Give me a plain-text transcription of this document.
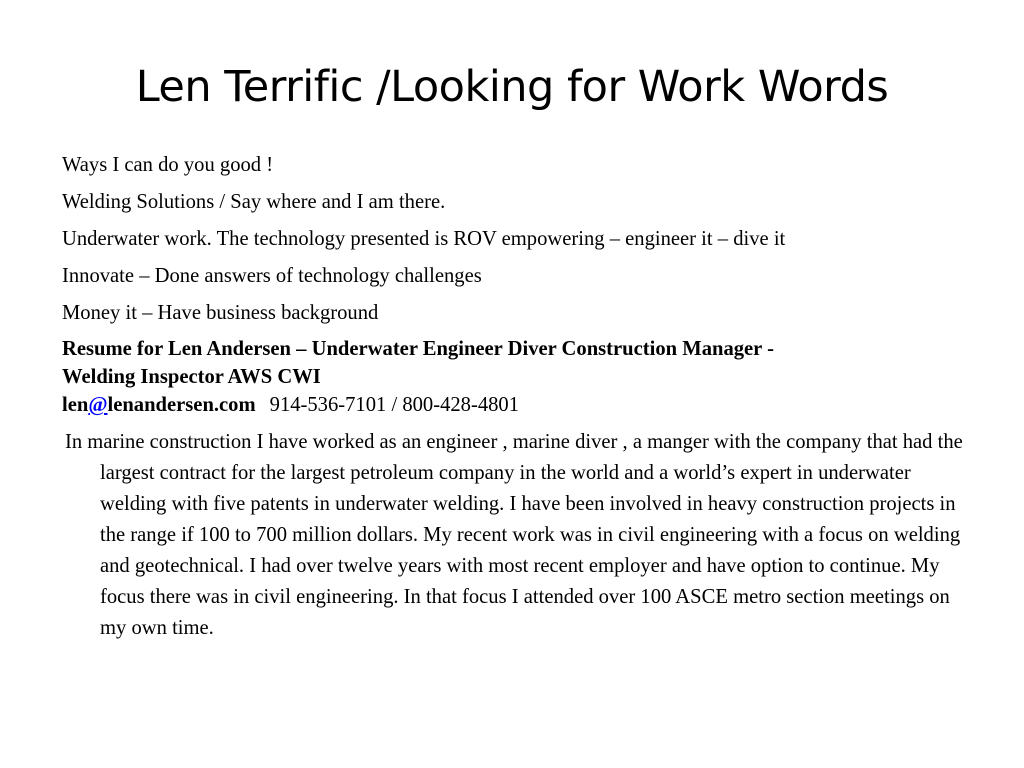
Len Terrific /Looking for Work Words

Ways I can do you good !

Welding Solutions / Say where and I am there.

Underwater work. The technology presented is ROV empowering – engineer it – dive it

Innovate – Done answers of technology challenges

Money it – Have business background

Resume for Len Andersen – Underwater Engineer Diver Construction Manager -
Welding Inspector AWS CWI
len@lenandersen.com 914-536-7101 / 800-428-4801

In marine construction I have worked as an engineer , marine diver , a manger with the company that had the largest contract for the largest petroleum company in the world and a world’s expert in underwater welding with five patents in underwater welding. I have been involved in heavy construction projects in the range if 100 to 700 million dollars. My recent work was in civil engineering with a focus on welding and geotechnical. I had over twelve years with most recent employer and have option to continue. My focus there was in civil engineering. In that focus I attended over 100 ASCE metro section meetings on my own time.
